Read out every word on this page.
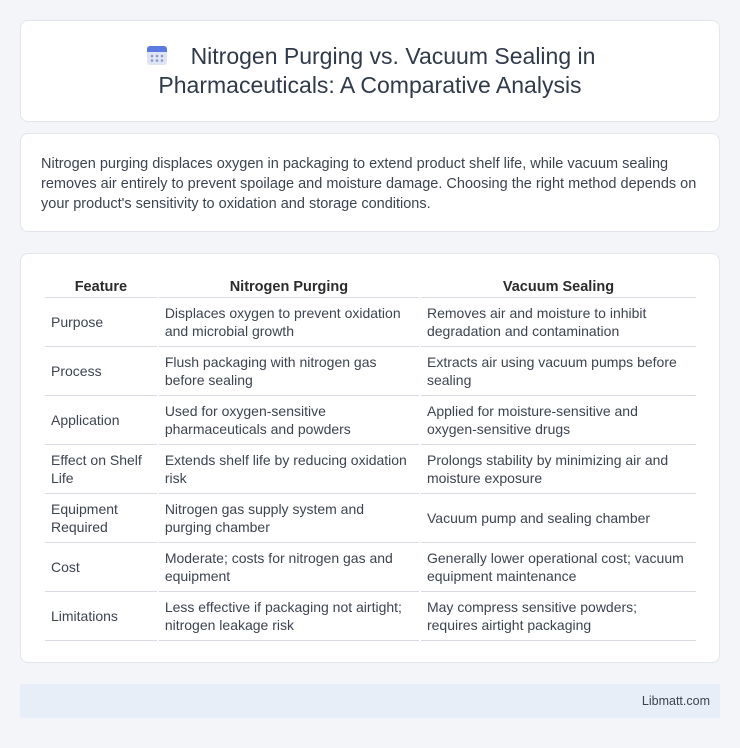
Nitrogen Purging vs. Vacuum Sealing in
Pharmaceuticals: A Comparative Analysis

Nitrogen purging displaces oxygen in packaging to extend product shelf life, while vacuum sealing removes air entirely to prevent spoilage and moisture damage. Choosing the right method depends on your product's sensitivity to oxidation and storage conditions.

Feature	Nitrogen Purging	Vacuum Sealing
Purpose	Displaces oxygen to prevent oxidation and microbial growth	Removes air and moisture to inhibit degradation and contamination
Process	Flush packaging with nitrogen gas before sealing	Extracts air using vacuum pumps before sealing
Application	Used for oxygen-sensitive pharmaceuticals and powders	Applied for moisture-sensitive and oxygen-sensitive drugs
Effect on Shelf Life	Extends shelf life by reducing oxidation risk	Prolongs stability by minimizing air and moisture exposure
Equipment Required	Nitrogen gas supply system and purging chamber	Vacuum pump and sealing chamber
Cost	Moderate; costs for nitrogen gas and equipment	Generally lower operational cost; vacuum equipment maintenance
Limitations	Less effective if packaging not airtight; nitrogen leakage risk	May compress sensitive powders; requires airtight packaging
Libmatt.com
